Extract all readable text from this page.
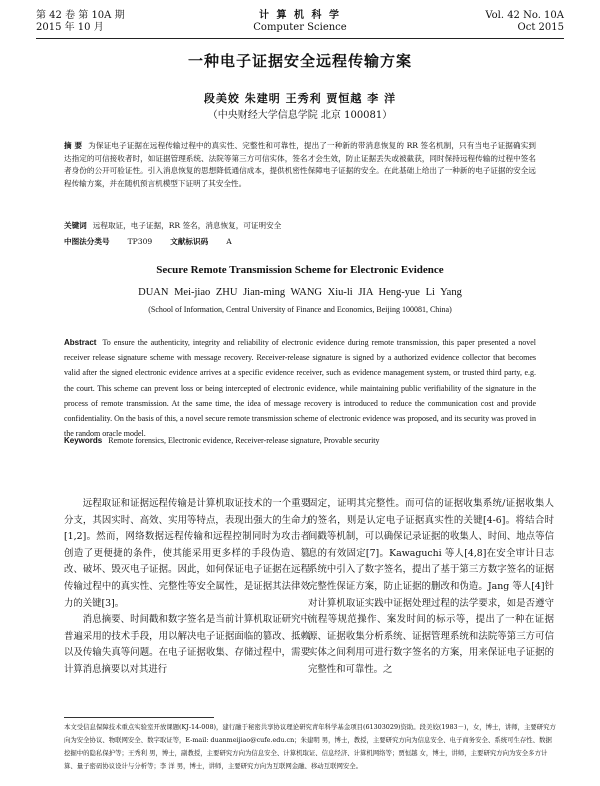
第 42 卷 第 10A 期
2015 年 10 月
计 算 机 科 学
Computer Science
Vol. 42 No. 10A
Oct 2015
一种电子证据安全远程传输方案
段美姣 朱建明 王秀利 贾恒越 李 洋
（中央财经大学信息学院 北京 100081）
摘 要 为保证电子证据在远程传输过程中的真实性、完整性和可靠性，提出了一种新的带消息恢复的 RR 签名机制，只有当电子证据确实到达指定的可信接收者时，如证据管理系统、法院等第三方可信实体，签名才会生效，防止证据丢失或被截获，同时保持远程传输的过程中签名者身份的公开可验证性。引入消息恢复的思想降低通信成本，提供机密性保障电子证据的安全。在此基础上给出了一种新的电子证据的安全远程传输方案，并在随机预言机模型下证明了其安全性。
关键词 远程取证，电子证据，RR 签名，消息恢复，可证明安全
中图法分类号 TP309 文献标识码 A
Secure Remote Transmission Scheme for Electronic Evidence
DUAN Mei-jiao ZHU Jian-ming WANG Xiu-li JIA Heng-yue Li Yang
(School of Information, Central University of Finance and Economics, Beijing 100081, China)
Abstract To ensure the authenticity, integrity and reliability of electronic evidence during remote transmission, this paper presented a novel receiver release signature scheme with message recovery. Receiver-release signature is signed by a authorized evidence collector that becomes valid after the signed electronic evidence arrives at a specific evidence receiver, such as evidence management system, or trusted third party, e.g. the court. This scheme can prevent loss or being intercepted of electronic evidence, while maintaining public verifiability of the signature in the process of remote transmission. At the same time, the idea of message recovery is introduced to reduce the communication cost and provide confidentiality. On the basis of this, a novel secure remote transmission scheme of electronic evidence was proposed, and its security was proved in the random oracle model.
Keywords Remote forensics, Electronic evidence, Receiver-release signature, Provable security

远程取证和证据远程传输是计算机取证技术的一个重要分支，其因实时、高效、实用等特点，表现出强大的生命力[1,2]。然而，网络数据远程传输和远程控制同时为攻击者创造了更便捷的条件，使其能采用更多样的手段伪造、篡改、破坏、毁灭电子证据。因此，如何保证电子证据在远程传输过程中的真实性、完整性等安全属性，是证据其法律效力的关键[3]。

消息摘要、时间戳和数字签名是当前计算机取证研究中普遍采用的技术手段，用以解决电子证据面临的篡改、抵赖以及传输失真等问题。在电子证据收集、存储过程中，需要计算消息摘要以对其进行

固定，证明其完整性。而可信的证据收集系统/证据收集人的签名，则是认定电子证据真实性的关键[4-6]。将结合时间戳等机制，可以确保记录证据的收集人、时间、地点等信息的有效固定[7]。Kawaguchi 等人[4,8]在安全审计日志系统中引入了数字签名，提出了基于第三方数字签名的证据完整性保证方案，防止证据的删改和伪造。Jang 等人[4]针对计算机取证实践中证据处理过程的法学要求，如是否遵守流程等规范操作、案发时间的标示等，提出了一种在证据源、证据收集分析系统、证据管理系统和法院等第三方可信实体之间利用可进行数字签名的方案，用来保证电子证据的完整性和可靠性。之

本文受信息保障技术重点实验室开放课题(KJ-14-008)，建行融于秘密共享协议理论研究青年科学基金项目(61303029)资助。段美姣(1983－)，女，博士，讲师，主要研究方向为安全协议、物联网安全、数字取证等，E-mail: duanmeijiao@cufe.edu.cn；朱建明 男，博士，教授，主要研究方向为信息安全、电子商务安全、系统可生存性、数据挖掘中的隐私保护等；王秀利 男，博士，副教授，主要研究方向为信息安全、计算机取证、信息经济、计算机网络等；贾恒越 女，博士，讲师，主要研究方向为安全多方计算、量子密码协议设计与分析等；李 洋 男，博士，讲师，主要研究方向为互联网金融、移动互联网安全。
